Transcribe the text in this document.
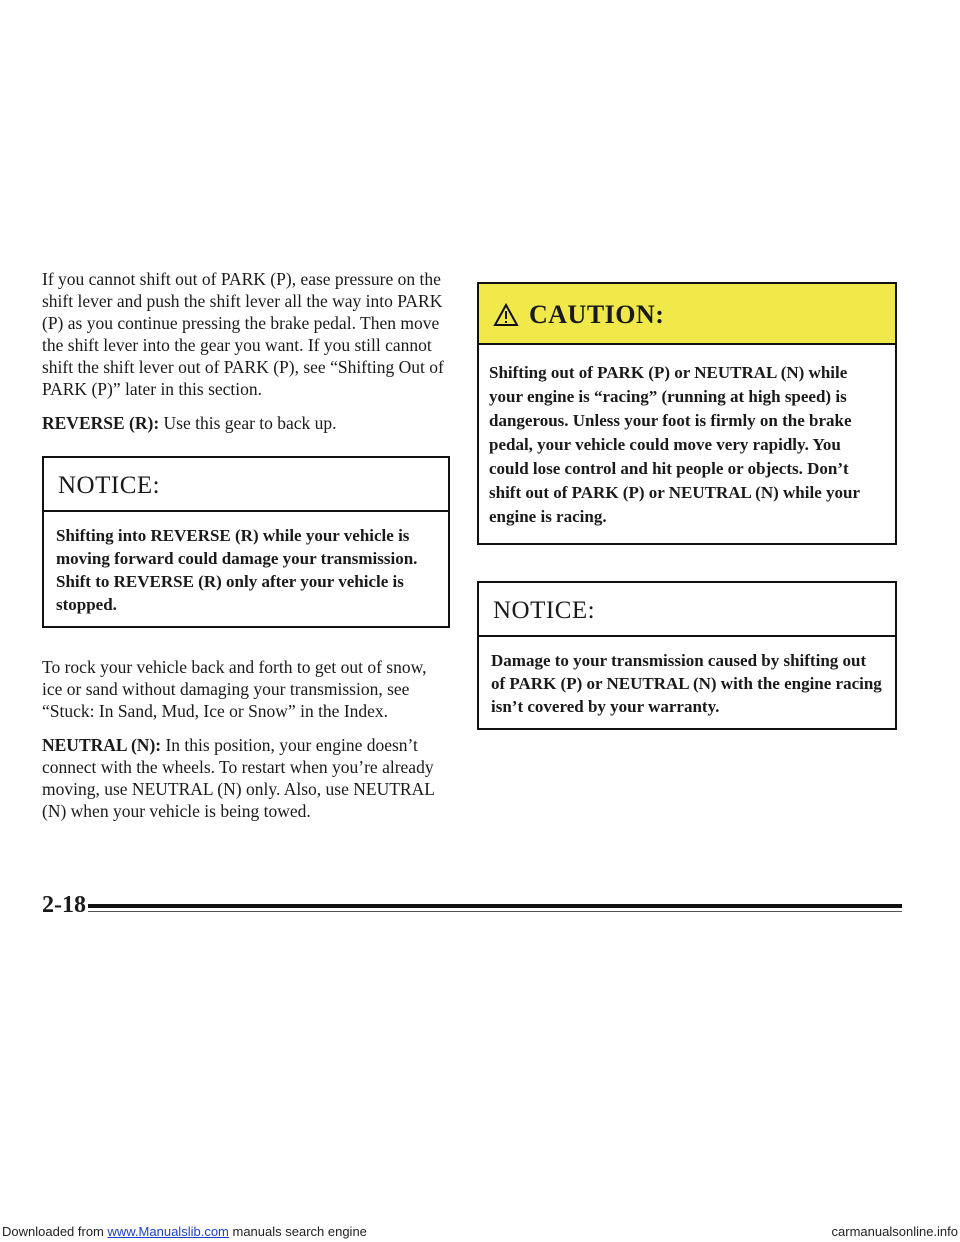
If you cannot shift out of PARK (P), ease pressure on the shift lever and push the shift lever all the way into PARK (P) as you continue pressing the brake pedal. Then move the shift lever into the gear you want. If you still cannot shift the shift lever out of PARK (P), see “Shifting Out of PARK (P)” later in this section.

REVERSE (R): Use this gear to back up.

NOTICE:
Shifting into REVERSE (R) while your vehicle is moving forward could damage your transmission. Shift to REVERSE (R) only after your vehicle is stopped.

To rock your vehicle back and forth to get out of snow, ice or sand without damaging your transmission, see “Stuck: In Sand, Mud, Ice or Snow” in the Index.

NEUTRAL (N): In this position, your engine doesn’t connect with the wheels. To restart when you’re already moving, use NEUTRAL (N) only. Also, use NEUTRAL (N) when your vehicle is being towed.

CAUTION:
Shifting out of PARK (P) or NEUTRAL (N) while your engine is “racing” (running at high speed) is dangerous. Unless your foot is firmly on the brake pedal, your vehicle could move very rapidly. You could lose control and hit people or objects. Don’t shift out of PARK (P) or NEUTRAL (N) while your engine is racing.
NOTICE:
Damage to your transmission caused by shifting out of PARK (P) or NEUTRAL (N) with the engine racing isn’t covered by your warranty.
2-18
Downloaded from www.Manualslib.com manuals search engine	carmanualsonline.info
